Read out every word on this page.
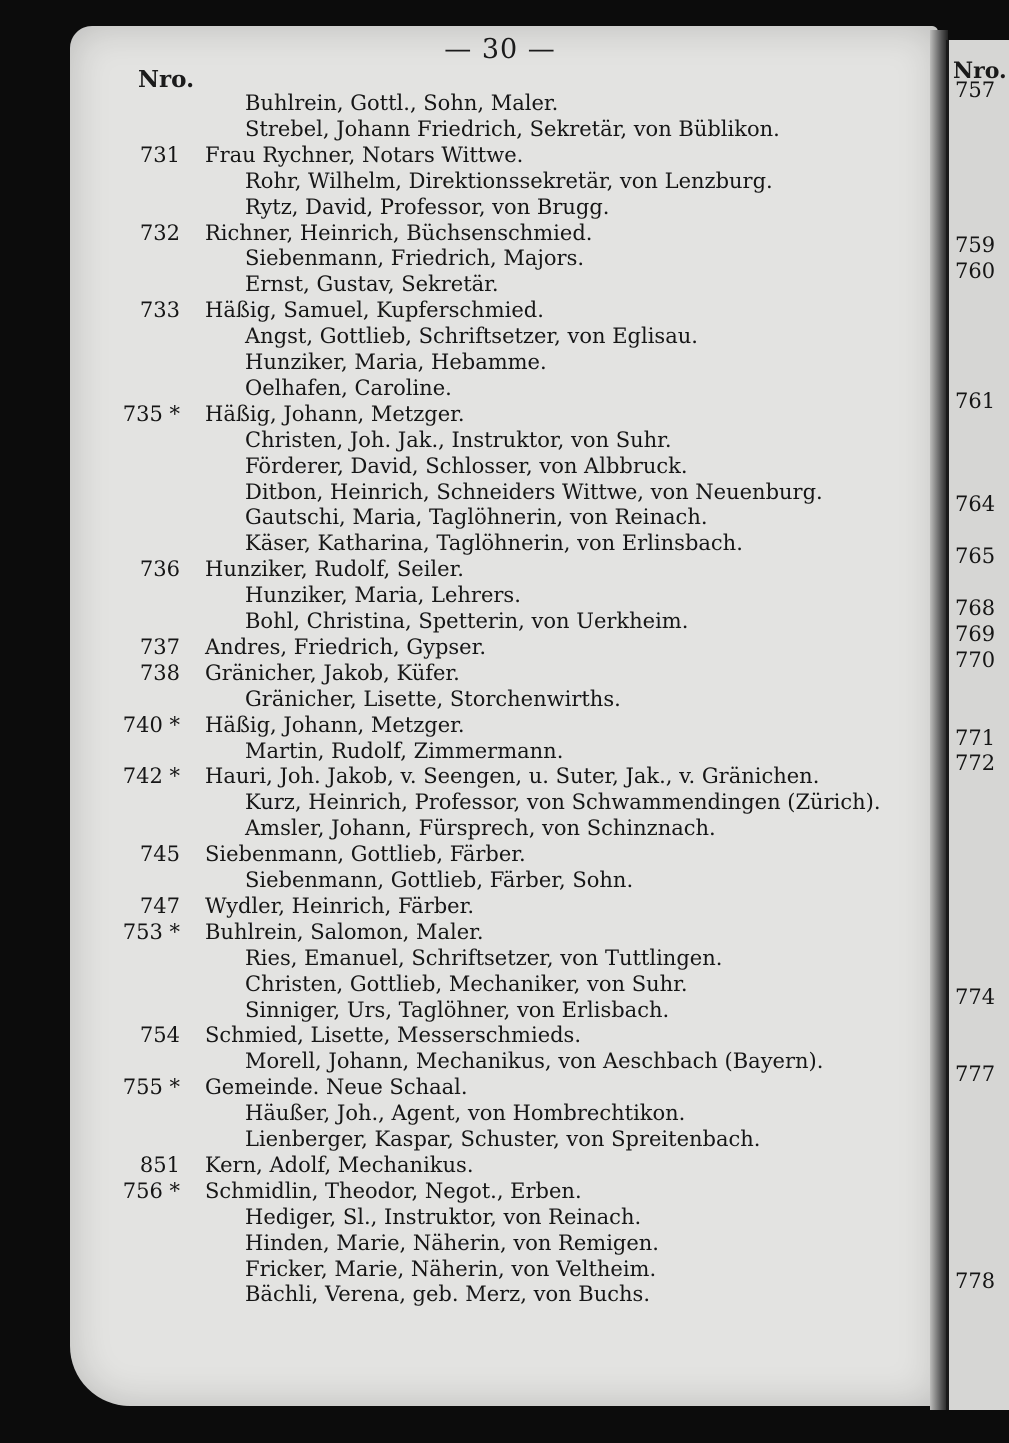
— 30 —
Nro.
Buhlrein, Gottl., Sohn, Maler.
Strebel, Johann Friedrich, Sekretär, von Büblikon.
731 Frau Rychner, Notars Wittwe.
Rohr, Wilhelm, Direktionssekretär, von Lenzburg.
Rytz, David, Professor, von Brugg.
732 Richner, Heinrich, Büchsenschmied.
Siebenmann, Friedrich, Majors.
Ernst, Gustav, Sekretär.
733 Häßig, Samuel, Kupferschmied.
Angst, Gottlieb, Schriftsetzer, von Eglisau.
Hunziker, Maria, Hebamme.
Oelhafen, Caroline.
735 * Häßig, Johann, Metzger.
Christen, Joh. Jak., Instruktor, von Suhr.
Förderer, David, Schlosser, von Albbruck.
Ditbon, Heinrich, Schneiders Wittwe, von Neuenburg.
Gautschi, Maria, Taglöhnerin, von Reinach.
Käser, Katharina, Taglöhnerin, von Erlinsbach.
736 Hunziker, Rudolf, Seiler.
Hunziker, Maria, Lehrers.
Bohl, Christina, Spetterin, von Uerkheim.
737 Andres, Friedrich, Gypser.
738 Gränicher, Jakob, Küfer.
Gränicher, Lisette, Storchenwirths.
740 * Häßig, Johann, Metzger.
Martin, Rudolf, Zimmermann.
742 * Hauri, Joh. Jakob, v. Seengen, u. Suter, Jak., v. Gränichen.
Kurz, Heinrich, Professor, von Schwammendingen (Zürich).
Amsler, Johann, Fürsprech, von Schinznach.
745 Siebenmann, Gottlieb, Färber.
Siebenmann, Gottlieb, Färber, Sohn.
747 Wydler, Heinrich, Färber.
753 * Buhlrein, Salomon, Maler.
Ries, Emanuel, Schriftsetzer, von Tuttlingen.
Christen, Gottlieb, Mechaniker, von Suhr.
Sinniger, Urs, Taglöhner, von Erlisbach.
754 Schmied, Lisette, Messerschmieds.
Morell, Johann, Mechanikus, von Aeschbach (Bayern).
755 * Gemeinde. Neue Schaal.
Häußer, Joh., Agent, von Hombrechtikon.
Lienberger, Kaspar, Schuster, von Spreitenbach.
851 Kern, Adolf, Mechanikus.
756 * Schmidlin, Theodor, Negot., Erben.
Hediger, Sl., Instruktor, von Reinach.
Hinden, Marie, Näherin, von Remigen.
Fricker, Marie, Näherin, von Veltheim.
Bächli, Verena, geb. Merz, von Buchs.
Nro.
757
759
760
761
764
765
768
769
770
771
772
774
777
778
